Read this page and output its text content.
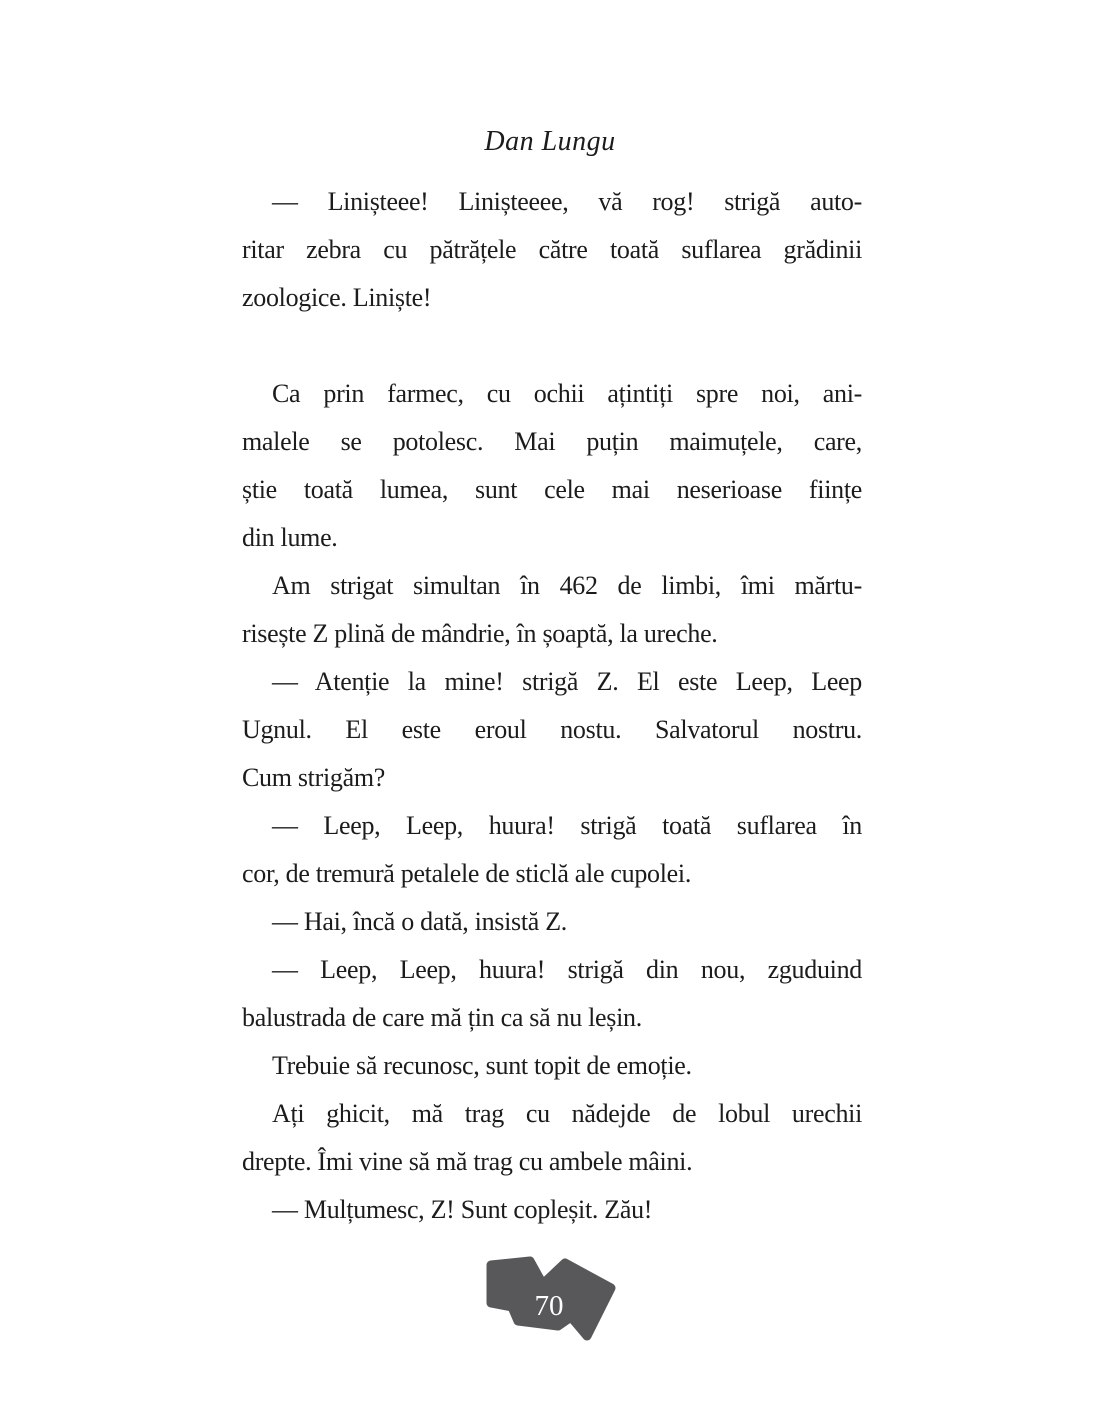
Dan Lungu
— Linișteee! Linișteeee, vă rog! strigă auto-
ritar zebra cu pătrățele către toată suflarea grădinii
zoologice. Liniște!
Ca prin farmec, cu ochii ațintiți spre noi, ani-
malele se potolesc. Mai puțin maimuțele, care,
știe toată lumea, sunt cele mai neserioase ființe
din lume.
Am strigat simultan în 462 de limbi, îmi mărtu-
risește Z plină de mândrie, în șoaptă, la ureche.
— Atenție la mine! strigă Z. El este Leep, Leep
Ugnul. El este eroul nostu. Salvatorul nostru.
Cum strigăm?
— Leep, Leep, huura! strigă toată suflarea în
cor, de tremură petalele de sticlă ale cupolei.
— Hai, încă o dată, insistă Z.
— Leep, Leep, huura! strigă din nou, zguduind
balustrada de care mă țin ca să nu leșin.
Trebuie să recunosc, sunt topit de emoție.
Ați ghicit, mă trag cu nădejde de lobul urechii
drepte. Îmi vine să mă trag cu ambele mâini.
— Mulțumesc, Z! Sunt copleșit. Zău!
70
